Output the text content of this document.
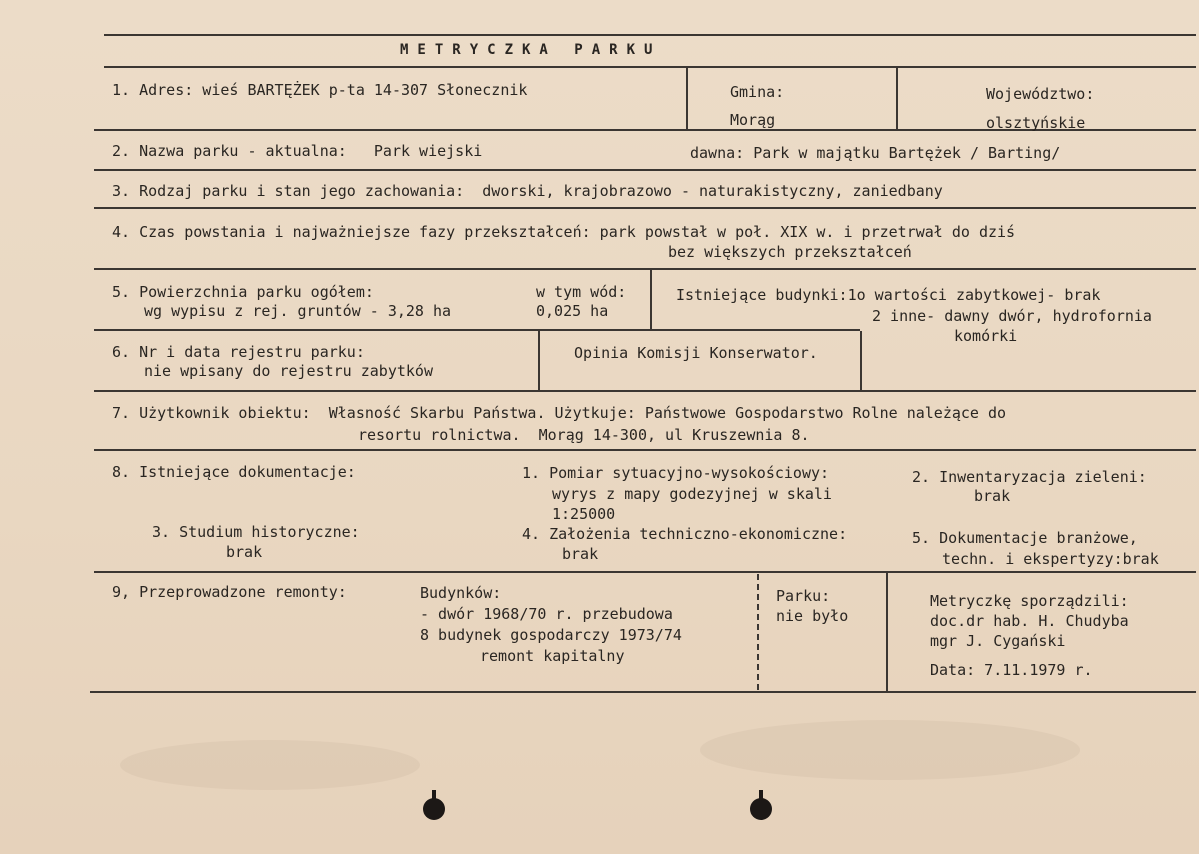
METRYCZKA PARKU
1. Adres: wieś BARTĘŻEK p-ta 14-307 Słonecznik	Gmina:
Morąg
Województwo:
olsztyńskie
2. Nazwa parku - aktualna:   Park wiejski	dawna: Park w majątku Bartężek / Barting/
3. Rodzaj parku i stan jego zachowania:  dworski, krajobrazowo - naturakistyczny, zaniedbany
4. Czas powstania i najważniejsze fazy przekształceń: park powstał w poł. XIX w. i przetrwał do dziś
bez większych przekształceń
5. Powierzchnia parku ogółem:
wg wypisu z rej. gruntów - 3,28 ha
w tym wód:
0,025 ha
Istniejące budynki:1o wartości zabytkowej- brak
2 inne- dawny dwór, hydrofornia
komórki
6. Nr i data rejestru parku:
nie wpisany do rejestru zabytków
Opinia Komisji Konserwator.
7. Użytkownik obiektu:  Własność Skarbu Państwa. Użytkuje: Państwowe Gospodarstwo Rolne należące do
resortu rolnictwa.  Morąg 14-300, ul Kruszewnia 8.
8. Istniejące dokumentacje:	1. Pomiar sytuacyjno-wysokościowy:
wyrys z mapy godezyjnej w skali
1:25000
2. Inwentaryzacja zieleni:
brak
3. Studium historyczne:
brak
4. Założenia techniczno-ekonomiczne:
brak
5. Dokumentacje branżowe,
techn. i ekspertyzy:brak
9, Przeprowadzone remonty:	Budynków:
- dwór 1968/70 r. przebudowa
8 budynek gospodarczy 1973/74
remont kapitalny
Parku:
nie było
Metryczkę sporządzili:
doc.dr hab. H. Chudyba
mgr J. Cygański
Data: 7.11.1979 r.
